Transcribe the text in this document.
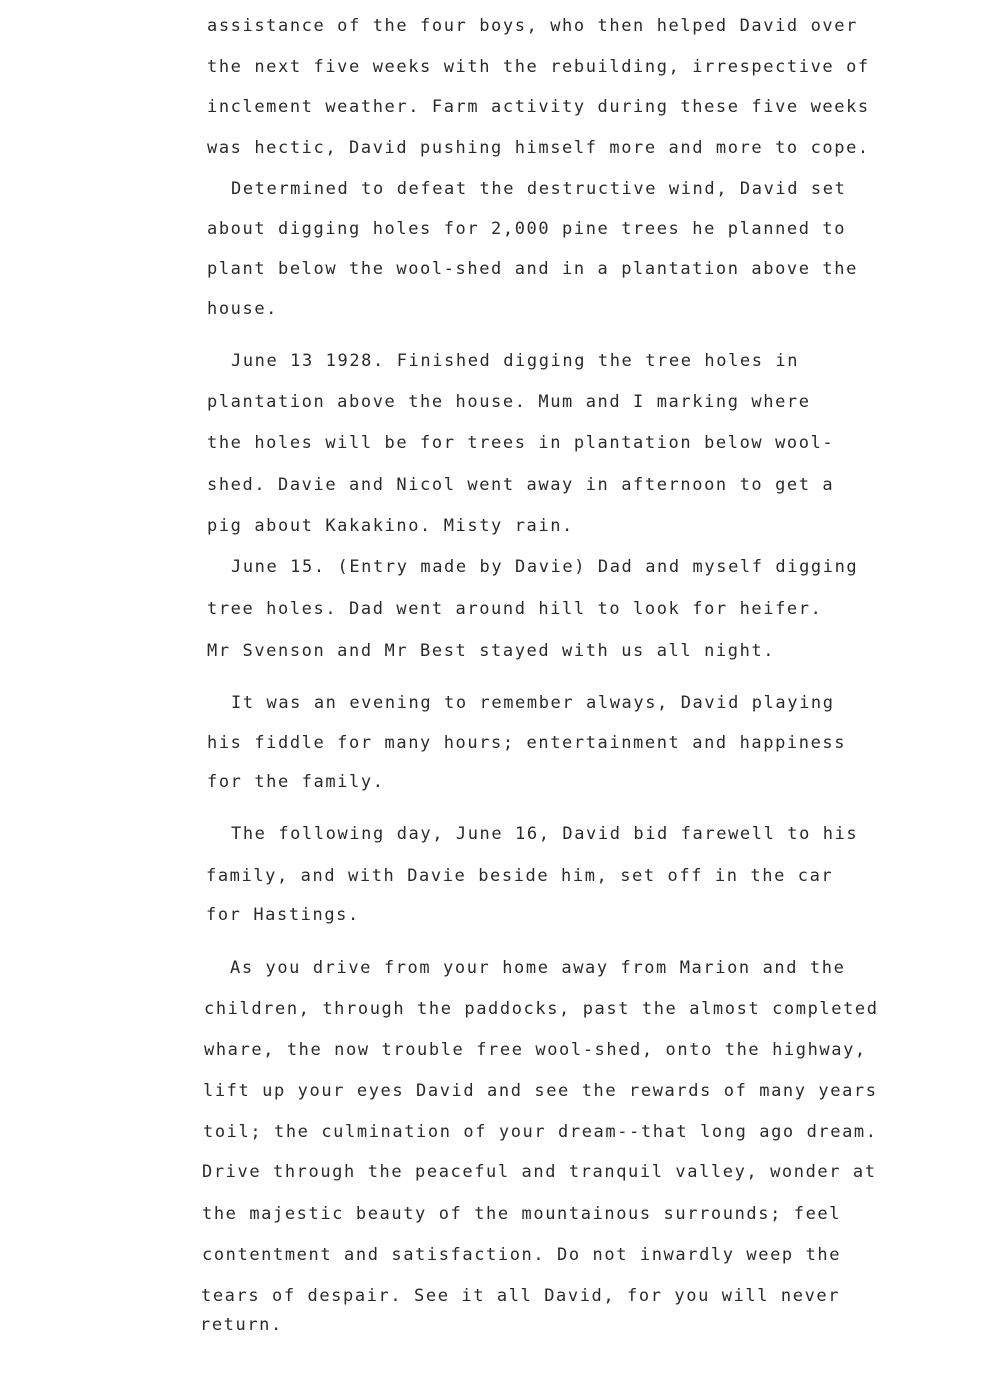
assistance of the four boys, who then helped David over
the next five weeks with the rebuilding, irrespective of
inclement weather. Farm activity during these five weeks
was hectic, David pushing himself more and more to cope.
Determined to defeat the destructive wind, David set
about digging holes for 2,000 pine trees he planned to
plant below the wool-shed and in a plantation above the
house.
June 13 1928. Finished digging the tree holes in
plantation above the house. Mum and I marking where
the holes will be for trees in plantation below wool-
shed. Davie and Nicol went away in afternoon to get a
pig about Kakakino. Misty rain.
June 15. (Entry made by Davie) Dad and myself digging
tree holes. Dad went around hill to look for heifer.
Mr Svenson and Mr Best stayed with us all night.
It was an evening to remember always, David playing
his fiddle for many hours; entertainment and happiness
for the family.
The following day, June 16, David bid farewell to his
family, and with Davie beside him, set off in the car
for Hastings.
As you drive from your home away from Marion and the
children, through the paddocks, past the almost completed
whare, the now trouble free wool-shed, onto the highway,
lift up your eyes David and see the rewards of many years
toil; the culmination of your dream--that long ago dream.
Drive through the peaceful and tranquil valley, wonder at
the majestic beauty of the mountainous surrounds; feel
contentment and satisfaction. Do not inwardly weep the
tears of despair. See it all David, for you will never
return.
